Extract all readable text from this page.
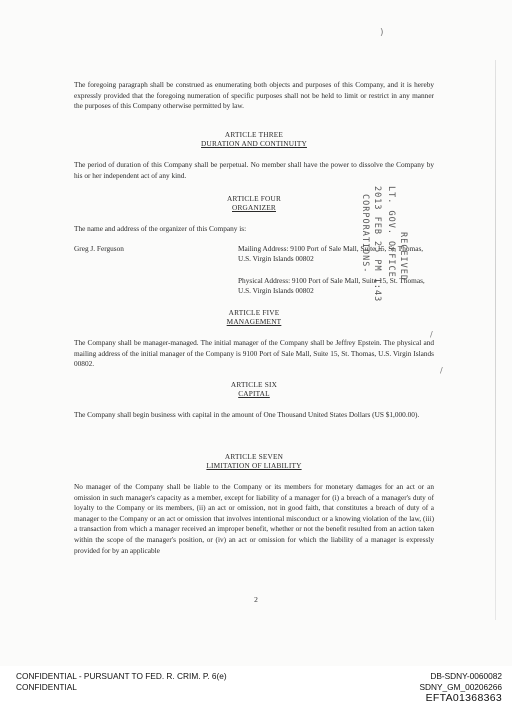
The foregoing paragraph shall be construed as enumerating both objects and purposes of this Company, and it is hereby expressly provided that the foregoing numeration of specific purposes shall not be held to limit or restrict in any manner the purposes of this Company otherwise permitted by law.
ARTICLE THREE
DURATION AND CONTINUITY
The period of duration of this Company shall be perpetual. No member shall have the power to dissolve the Company by his or her independent act of any kind.
ARTICLE FOUR
ORGANIZER
The name and address of the organizer of this Company is:
Greg J. Ferguson	Mailing Address: 9100 Port of Sale Mall, Suite 15, St. Thomas, U.S. Virgin Islands 00802
Physical Address: 9100 Port of Sale Mall, Suite 15, St. Thomas, U.S. Virgin Islands 00802	2013 FEB 25 PM 1:43
CORPORATIONS- LT. GOV. OFFICE RECEIVED
ARTICLE FIVE
MANAGEMENT
The Company shall be manager-managed. The initial manager of the Company shall be Jeffrey Epstein. The physical and mailing address of the initial manager of the Company is 9100 Port of Sale Mall, Suite 15, St. Thomas, U.S. Virgin Islands 00802.
ARTICLE SIX
CAPITAL
The Company shall begin business with capital in the amount of One Thousand United States Dollars (US $1,000.00).
ARTICLE SEVEN
LIMITATION OF LIABILITY
No manager of the Company shall be liable to the Company or its members for monetary damages for an act or an omission in such manager's capacity as a member, except for liability of a manager for (i) a breach of a manager's duty of loyalty to the Company or its members, (ii) an act or omission, not in good faith, that constitutes a breach of duty of a manager to the Company or an act or omission that involves intentional misconduct or a knowing violation of the law, (iii) a transaction from which a manager received an improper benefit, whether or not the benefit resulted from an action taken within the scope of the manager's position, or (iv) an act or omission for which the liability of a manager is expressly provided for by an applicable
2
)
/
/
CONFIDENTIAL - PURSUANT TO FED. R. CRIM. P. 6(e)
CONFIDENTIAL
DB-SDNY-0060082
SDNY_GM_00206266
EFTA01368363
